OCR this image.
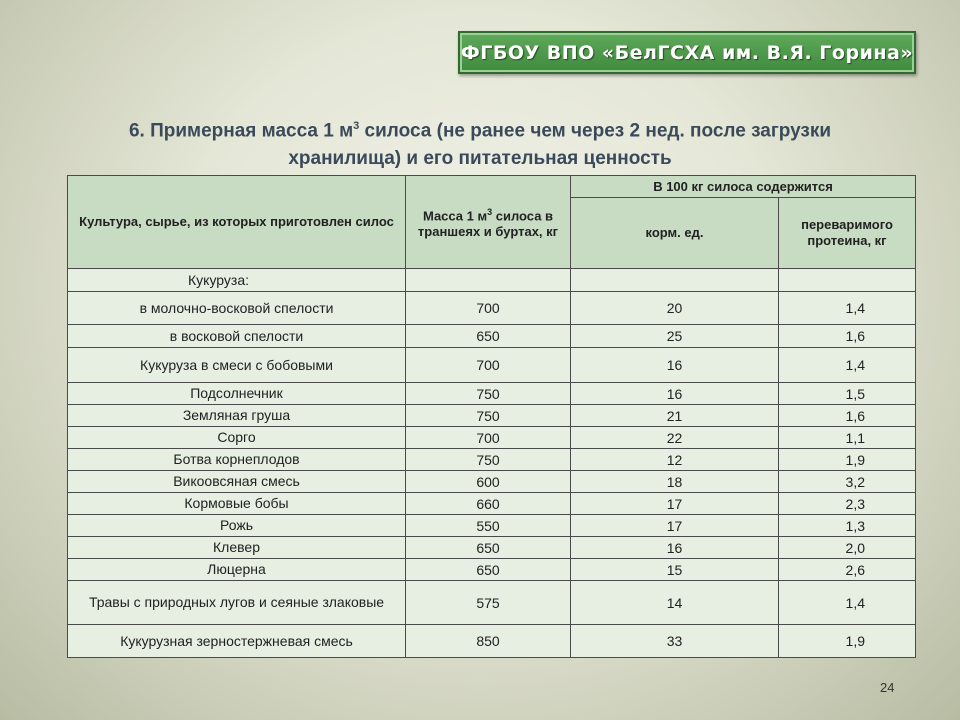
ФГБОУ ВПО «БелГСХА им. В.Я. Горина»
6. Примерная масса 1 $м^3$ силоса (не ранее чем через 2 нед. после загрузки
хранилища) и его питательная ценность
Культура, сырье, из которых приготовлен силос	Масса 1 $м^3$ силоса в траншеях и буртах, кг	В 100 кг силоса содержится	
		корм. ед.	переваримого протеина, кг
Кукуруза:			
в молочно-восковой спелости	700	20	1,4
в восковой спелости	650	25	1,6
Кукуруза в смеси с бобовыми	700	16	1,4
Подсолнечник	750	16	1,5
Земляная груша	750	21	1,6
Сорго	700	22	1,1
Ботва корнеплодов	750	12	1,9
Викоовсяная смесь	600	18	3,2
Кормовые бобы	660	17	2,3
Рожь	550	17	1,3
Клевер	650	16	2,0
Люцерна	650	15	2,6
Травы с природных лугов и сеяные злаковые	575	14	1,4
Кукурузная зерностержневая смесь	850	33	1,9
24
